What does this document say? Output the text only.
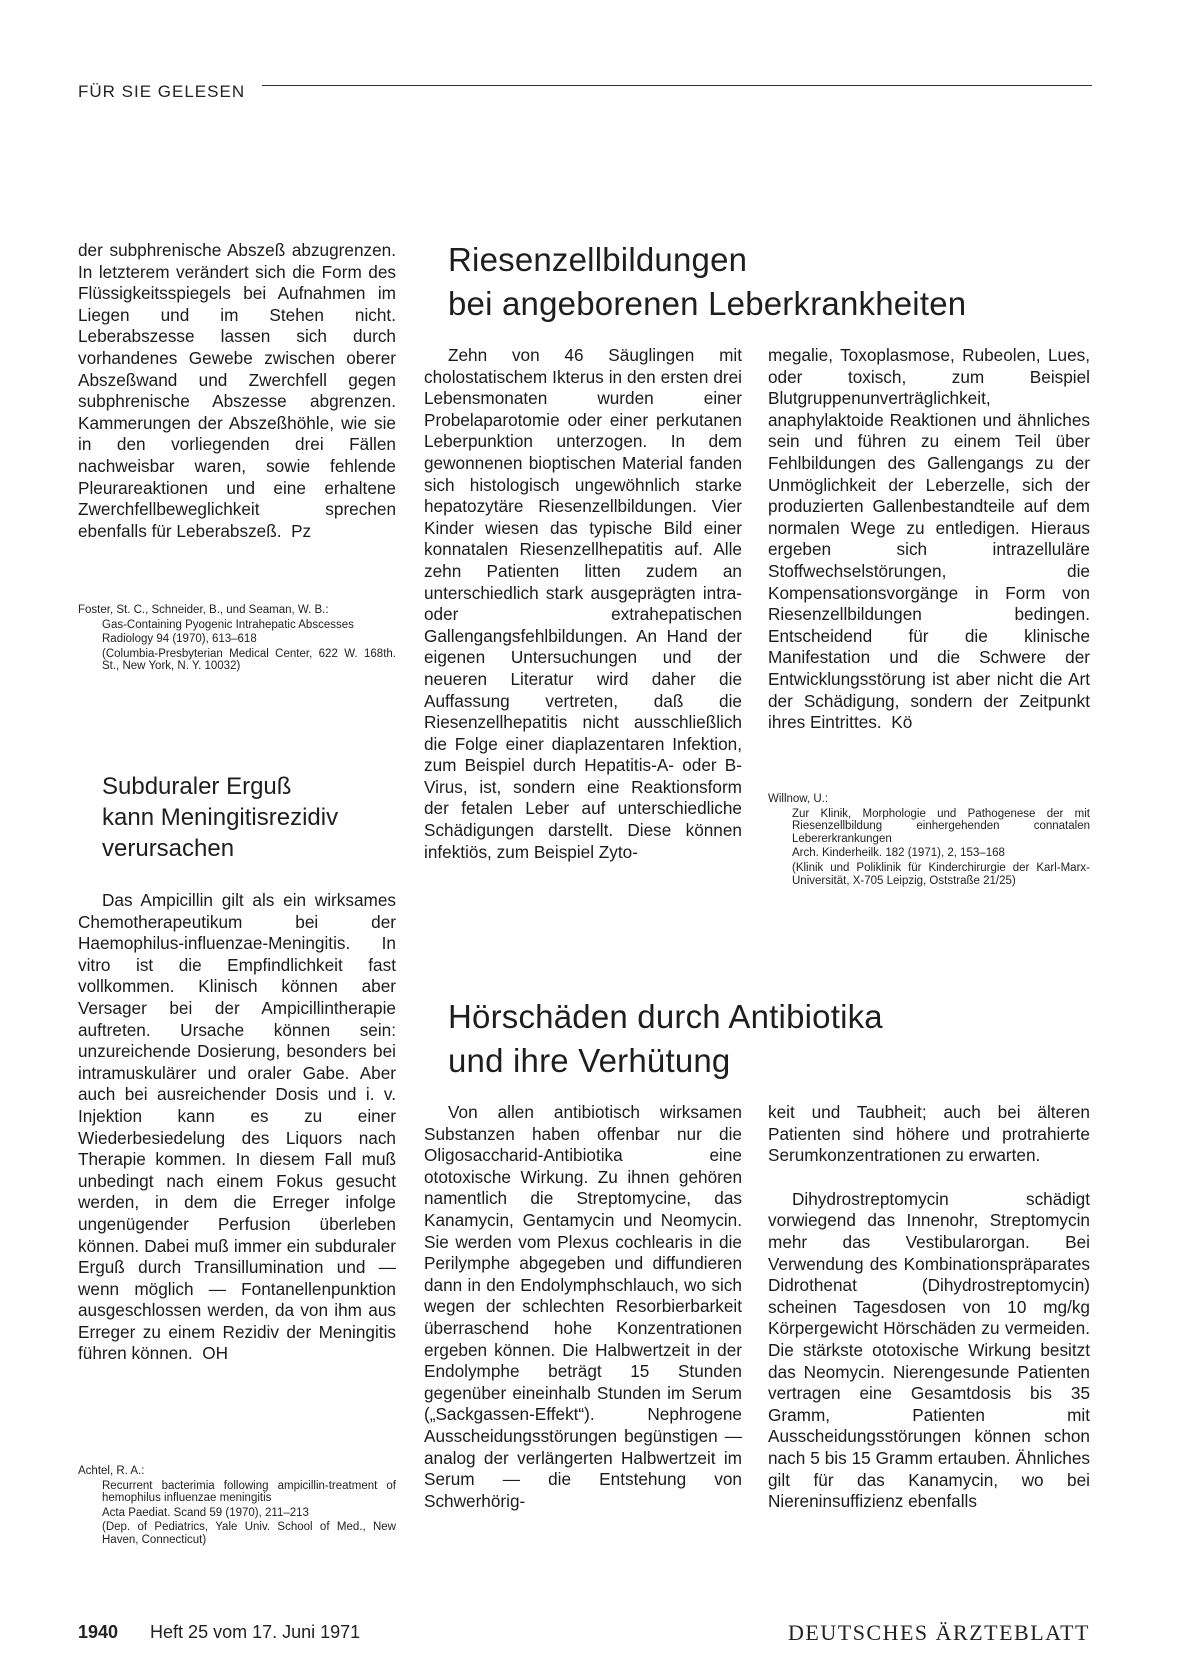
FÜR SIE GELESEN

der subphrenische Abszeß abzugrenzen. In letzterem verändert sich die Form des Flüssigkeitsspiegels bei Aufnahmen im Liegen und im Stehen nicht. Leberabszesse lassen sich durch vorhandenes Gewebe zwischen oberer Abszeßwand und Zwerchfell gegen subphrenische Abszesse abgrenzen. Kammerungen der Abszeßhöhle, wie sie in den vorliegenden drei Fällen nachweisbar waren, sowie fehlende Pleurareaktionen und eine erhaltene Zwerchfellbeweglichkeit sprechen ebenfalls für Leberabszeß. Pz

Foster, St. C., Schneider, B., und Seaman, W. B.:
Gas-Containing Pyogenic Intrahepatic Abscesses
Radiology 94 (1970), 613–618
(Columbia-Presbyterian Medical Center, 622 W. 168th. St., New York, N. Y. 10032)
Subduraler Erguß
kann Meningitisrezidiv
verursachen

Das Ampicillin gilt als ein wirksames Chemotherapeutikum bei der Haemophilus-influenzae-Meningitis. In vitro ist die Empfindlichkeit fast vollkommen. Klinisch können aber Versager bei der Ampicillintherapie auftreten. Ursache können sein: unzureichende Dosierung, besonders bei intramuskulärer und oraler Gabe. Aber auch bei ausreichender Dosis und i. v. Injektion kann es zu einer Wiederbesiedelung des Liquors nach Therapie kommen. In diesem Fall muß unbedingt nach einem Fokus gesucht werden, in dem die Erreger infolge ungenügender Perfusion überleben können. Dabei muß immer ein subduraler Erguß durch Transillumination und — wenn möglich — Fontanellenpunktion ausgeschlossen werden, da von ihm aus Erreger zu einem Rezidiv der Meningitis führen können. OH

Achtel, R. A.:
Recurrent bacterimia following ampicillin-treatment of hemophilus influenzae meningitis
Acta Paediat. Scand 59 (1970), 211–213
(Dep. of Pediatrics, Yale Univ. School of Med., New Haven, Connecticut)
Riesenzellbildungen
bei angeborenen Leberkrankheiten

Zehn von 46 Säuglingen mit cholostatischem Ikterus in den ersten drei Lebensmonaten wurden einer Probelaparotomie oder einer perkutanen Leberpunktion unterzogen. In dem gewonnenen bioptischen Material fanden sich histologisch ungewöhnlich starke hepatozytäre Riesenzellbildungen. Vier Kinder wiesen das typische Bild einer konnatalen Riesenzellhepatitis auf. Alle zehn Patienten litten zudem an unterschiedlich stark ausgeprägten intra- oder extrahepatischen Gallengangsfehlbildungen. An Hand der eigenen Untersuchungen und der neueren Literatur wird daher die Auffassung vertreten, daß die Riesenzellhepatitis nicht ausschließlich die Folge einer diaplazentaren Infektion, zum Beispiel durch Hepatitis-A- oder B-Virus, ist, sondern eine Reaktionsform der fetalen Leber auf unterschiedliche Schädigungen darstellt. Diese können infektiös, zum Beispiel Zyto-

megalie, Toxoplasmose, Rubeolen, Lues, oder toxisch, zum Beispiel Blutgruppenunverträglichkeit, anaphylaktoide Reaktionen und ähnliches sein und führen zu einem Teil über Fehlbildungen des Gallengangs zu der Unmöglichkeit der Leberzelle, sich der produzierten Gallenbestandteile auf dem normalen Wege zu entledigen. Hieraus ergeben sich intrazelluläre Stoffwechselstörungen, die Kompensationsvorgänge in Form von Riesenzellbildungen bedingen. Entscheidend für die klinische Manifestation und die Schwere der Entwicklungsstörung ist aber nicht die Art der Schädigung, sondern der Zeitpunkt ihres Eintrittes. Kö

Willnow, U.:
Zur Klinik, Morphologie und Pathogenese der mit Riesenzellbildung einhergehenden connatalen Lebererkrankungen
Arch. Kinderheilk. 182 (1971), 2, 153–168
(Klinik und Poliklinik für Kinderchirurgie der Karl-Marx-Universität, X-705 Leipzig, Oststraße 21/25)
Hörschäden durch Antibiotika
und ihre Verhütung

Von allen antibiotisch wirksamen Substanzen haben offenbar nur die Oligosaccharid-Antibiotika eine ototoxische Wirkung. Zu ihnen gehören namentlich die Streptomycine, das Kanamycin, Gentamycin und Neomycin. Sie werden vom Plexus cochlearis in die Perilymphe abgegeben und diffundieren dann in den Endolymphschlauch, wo sich wegen der schlechten Resorbierbarkeit überraschend hohe Konzentrationen ergeben können. Die Halbwertzeit in der Endolymphe beträgt 15 Stunden gegenüber eineinhalb Stunden im Serum („Sackgassen-Effekt“). Nephrogene Ausscheidungsstörungen begünstigen — analog der verlängerten Halbwertzeit im Serum — die Entstehung von Schwerhörig-

keit und Taubheit; auch bei älteren Patienten sind höhere und protrahierte Serumkonzentrationen zu erwarten.

Dihydrostreptomycin schädigt vorwiegend das Innenohr, Streptomycin mehr das Vestibularorgan. Bei Verwendung des Kombinationspräparates Didrothenat (Dihydrostreptomycin) scheinen Tagesdosen von 10 mg/kg Körpergewicht Hörschäden zu vermeiden. Die stärkste ototoxische Wirkung besitzt das Neomycin. Nierengesunde Patienten vertragen eine Gesamtdosis bis 35 Gramm, Patienten mit Ausscheidungsstörungen können schon nach 5 bis 15 Gramm ertauben. Ähnliches gilt für das Kanamycin, wo bei Niereninsuffizienz ebenfalls

1940 Heft 25 vom 17. Juni 1971	DEUTSCHES ÄRZTEBLATT
